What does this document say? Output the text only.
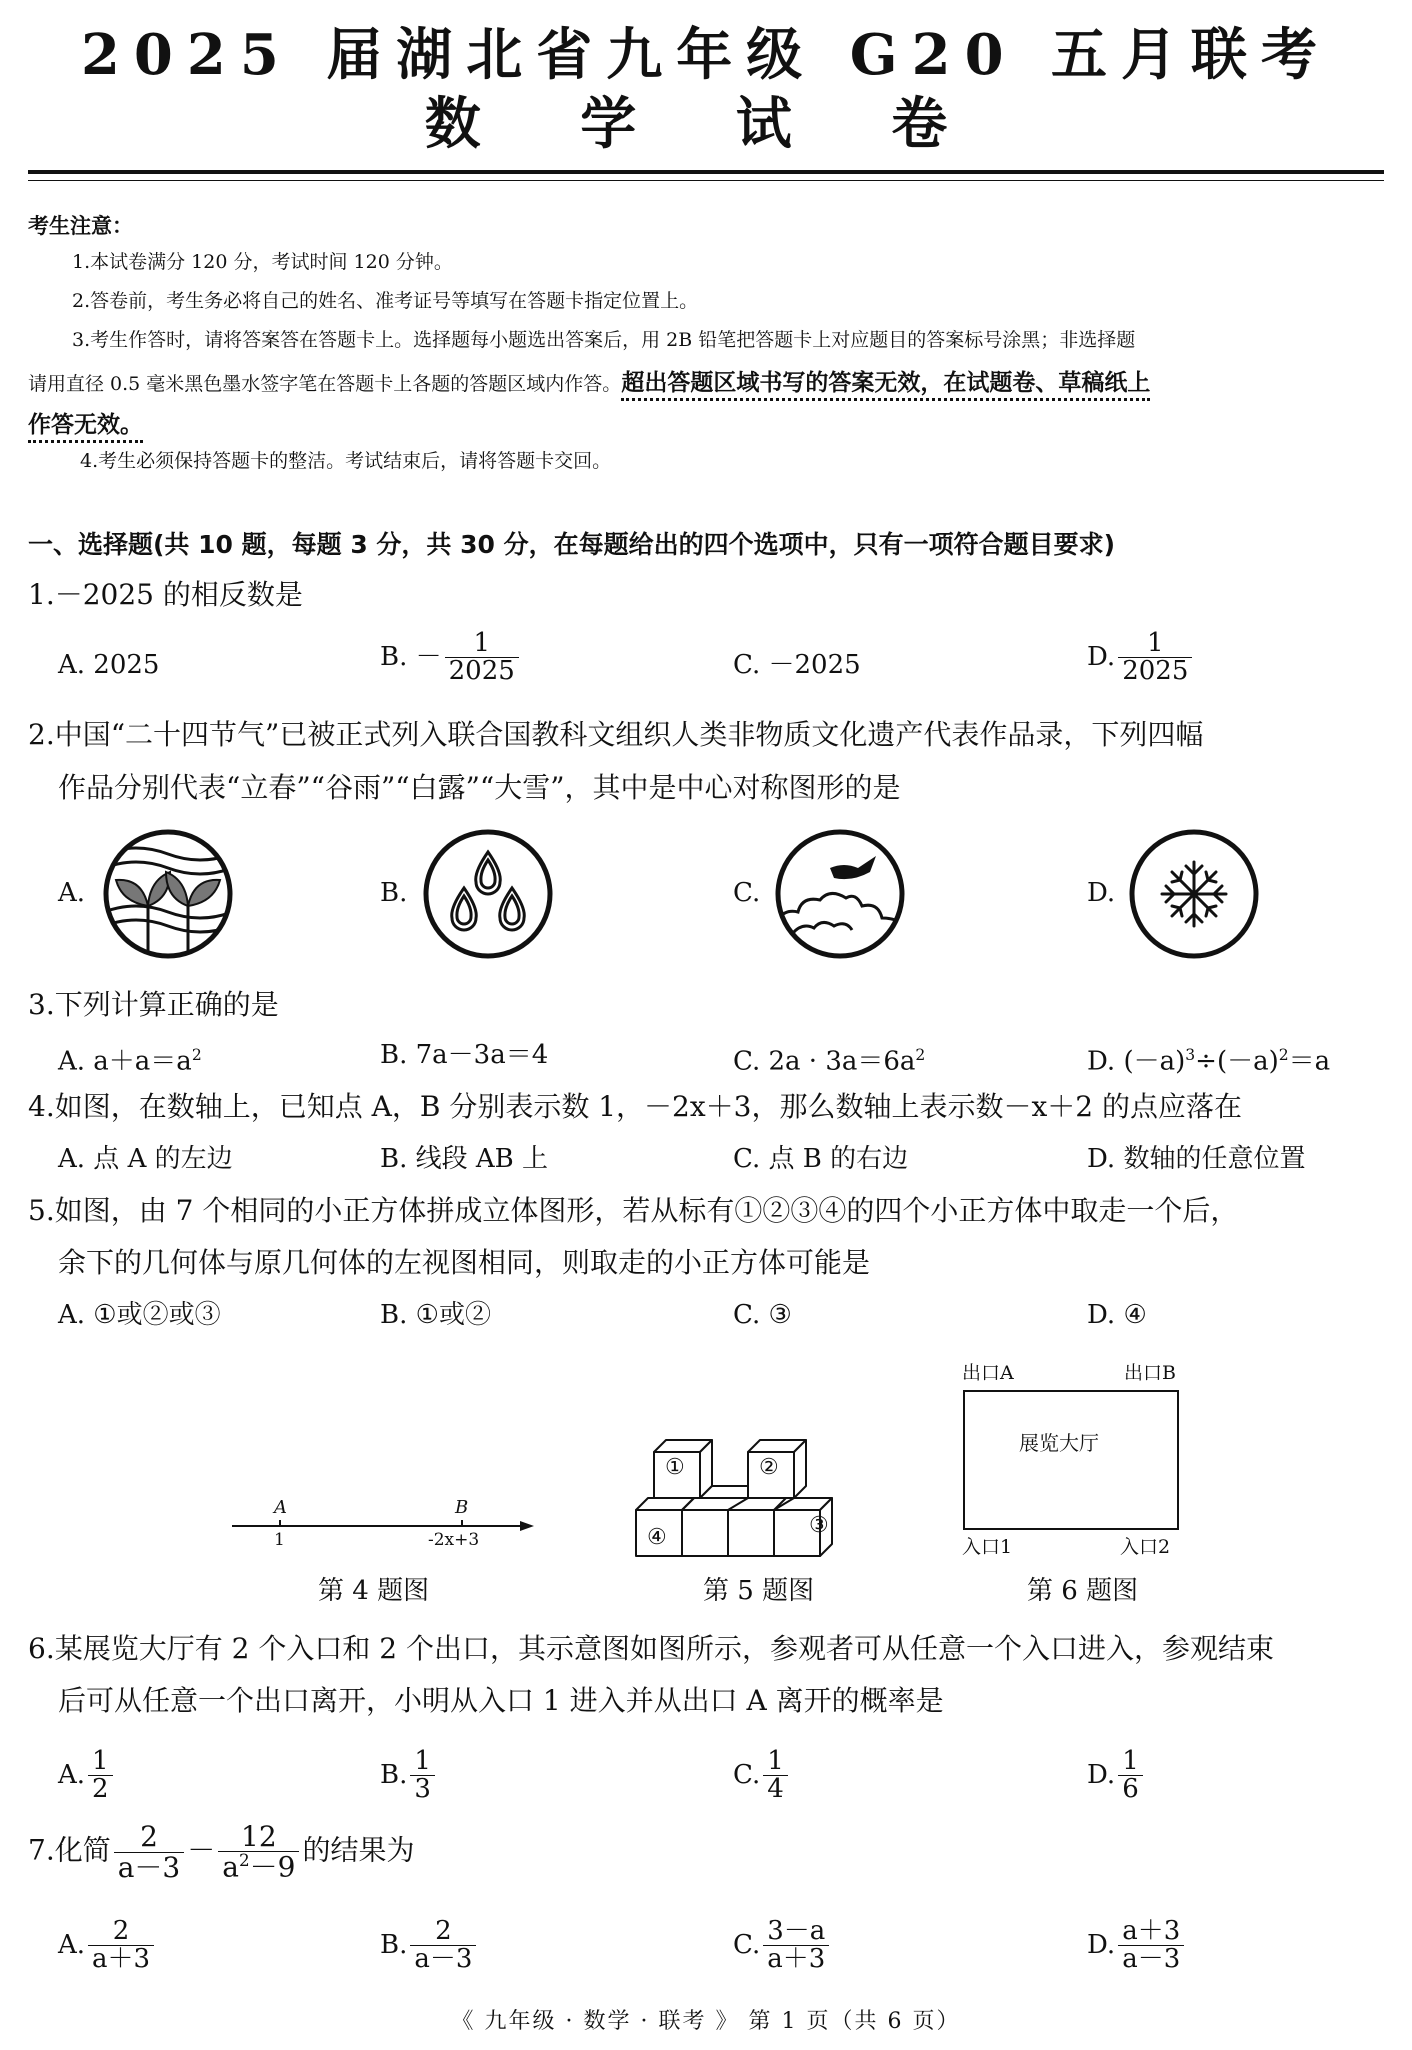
2025 届湖北省九年级 G20 五月联考
数 学 试 卷
考生注意：
1.本试卷满分 120 分，考试时间 120 分钟。
2.答卷前，考生务必将自己的姓名、准考证号等填写在答题卡指定位置上。
3.考生作答时，请将答案答在答题卡上。选择题每小题选出答案后，用 2B 铅笔把答题卡上对应题目的答案标号涂黑；非选择题
请用直径 0.5 毫米黑色墨水签字笔在答题卡上各题的答题区域内作答。超出答题区域书写的答案无效，在试题卷、草稿纸上
作答无效。
4.考生必须保持答题卡的整洁。考试结束后，请将答题卡交回。
一、选择题(共 10 题，每题 3 分，共 30 分，在每题给出的四个选项中，只有一项符合题目要求)
1.－2025 的相反数是
A. 2025	B. － $\frac{1}{2025}$	C. －2025	D. $\frac{1}{2025}$
2.中国“二十四节气”已被正式列入联合国教科文组织人类非物质文化遗产代表作品录，下列四幅
作品分别代表“立春”“谷雨”“白露”“大雪”，其中是中心对称图形的是
A.	B.	C.	D.
3.下列计算正确的是
A. $a+a=a^2$	B. 7a－3a＝4	C. $2a \cdot 3a=6a^2$	D. $(-a)^3\div(-a)^2=a$
4.如图，在数轴上，已知点 A，B 分别表示数 1，－2x＋3，那么数轴上表示数－x＋2 的点应落在
A. 点 A 的左边	B. 线段 AB 上	C. 点 B 的右边	D. 数轴的任意位置
5.如图，由 7 个相同的小正方体拼成立体图形，若从标有①②③④的四个小正方体中取走一个后，
余下的几何体与原几何体的左视图相同，则取走的小正方体可能是
A. ①或②或③	B. ①或②	C. ③	D. ④
A	B
1	-2x+3
第 4 题图
①	②
③
④
第 5 题图
出口A	出口B
展览大厅
入口1	入口2
第 6 题图
6.某展览大厅有 2 个入口和 2 个出口，其示意图如图所示，参观者可从任意一个入口进入，参观结束
后可从任意一个出口离开，小明从入口 1 进入并从出口 A 离开的概率是
A. $\frac{1}{2}$	B. $\frac{1}{3}$	C. $\frac{1}{4}$	D. $\frac{1}{6}$
7.化简 $\frac{2}{a-3} - \frac{12}{a^2-9}$ 的结果为
A. $\frac{2}{a+3}$	B. $\frac{2}{a-3}$	C. $\frac{3-a}{a+3}$	D. $\frac{a+3}{a-3}$
《 九年级 · 数学 · 联考 》 第 1 页（共 6 页）
